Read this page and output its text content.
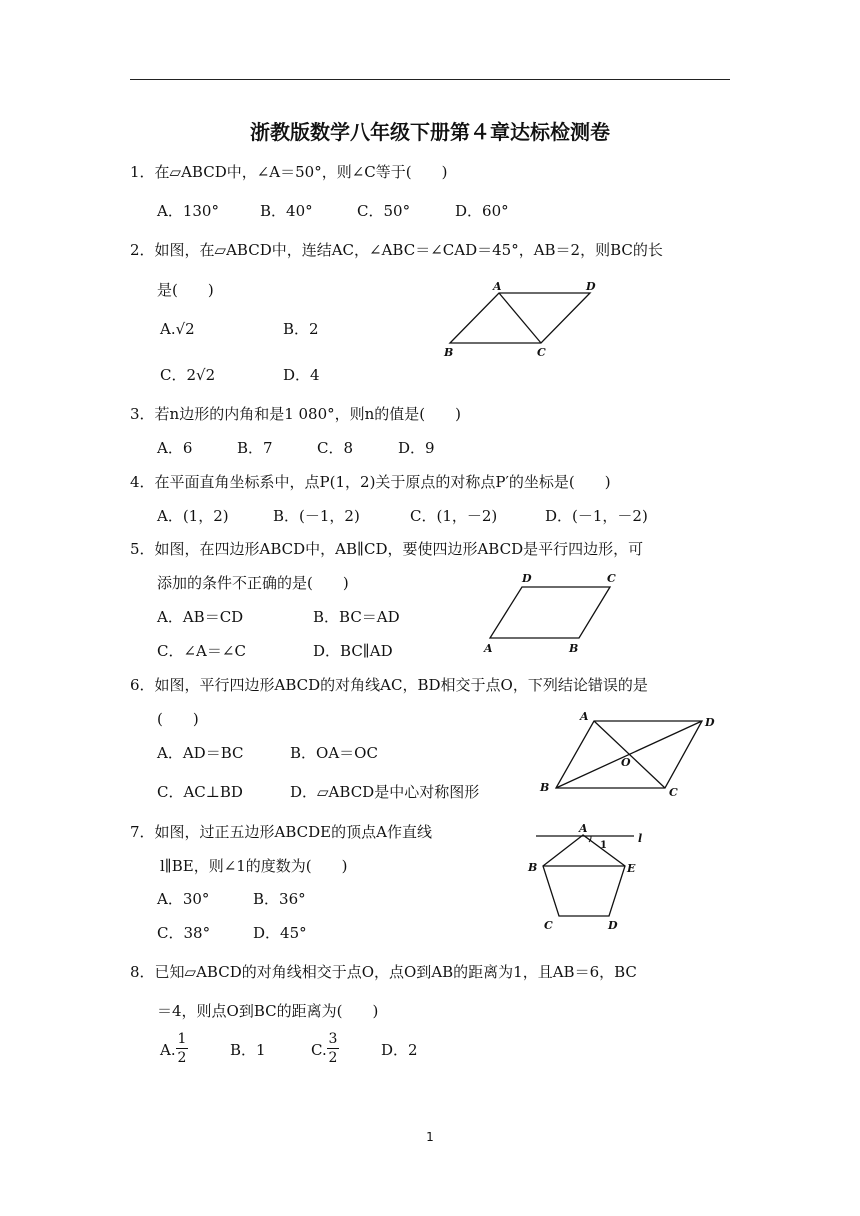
浙教版数学八年级下册第４章达标检测卷
1．在▱ABCD中，∠A＝50°，则∠C等于(　　)
A．130°	B．40°	C．50°	D．60°
2．如图，在▱ABCD中，连结AC，∠ABC＝∠CAD＝45°，AB＝2，则BC的长
是(　　)
A.√2	B．2
C．2√2	D．4
A	D
B	C
3．若n边形的内角和是1 080°，则n的值是(　　)
A．6	B．7	C．8	D．9
4．在平面直角坐标系中，点P(1，2)关于原点的对称点P′的坐标是(　　)
A．(1，2)	B．(－1，2)	C．(1，－2)	D．(－1，－2)
5．如图，在四边形ABCD中，AB∥CD，要使四边形ABCD是平行四边形，可
添加的条件不正确的是(　　)
A．AB＝CD	B．BC＝AD
C．∠A＝∠C	D．BC∥AD
D	C
A	B
6．如图，平行四边形ABCD的对角线AC，BD相交于点O，下列结论错误的是
(　　)
A．AD＝BC	B．OA＝OC
C．AC⊥BD	D．▱ABCD是中心对称图形
A	D
O
B	C
7．如图，过正五边形ABCDE的顶点A作直线
l∥BE，则∠1的度数为(　　)
A．30°	B．36°
C．38°	D．45°
A
l
1
B	E
C	D
8．已知▱ABCD的对角线相交于点O，点O到AB的距离为1，且AB＝6，BC
＝4，则点O到BC的距离为(　　)
A.
1
2	B．1	C.
3
2	D．2
1
